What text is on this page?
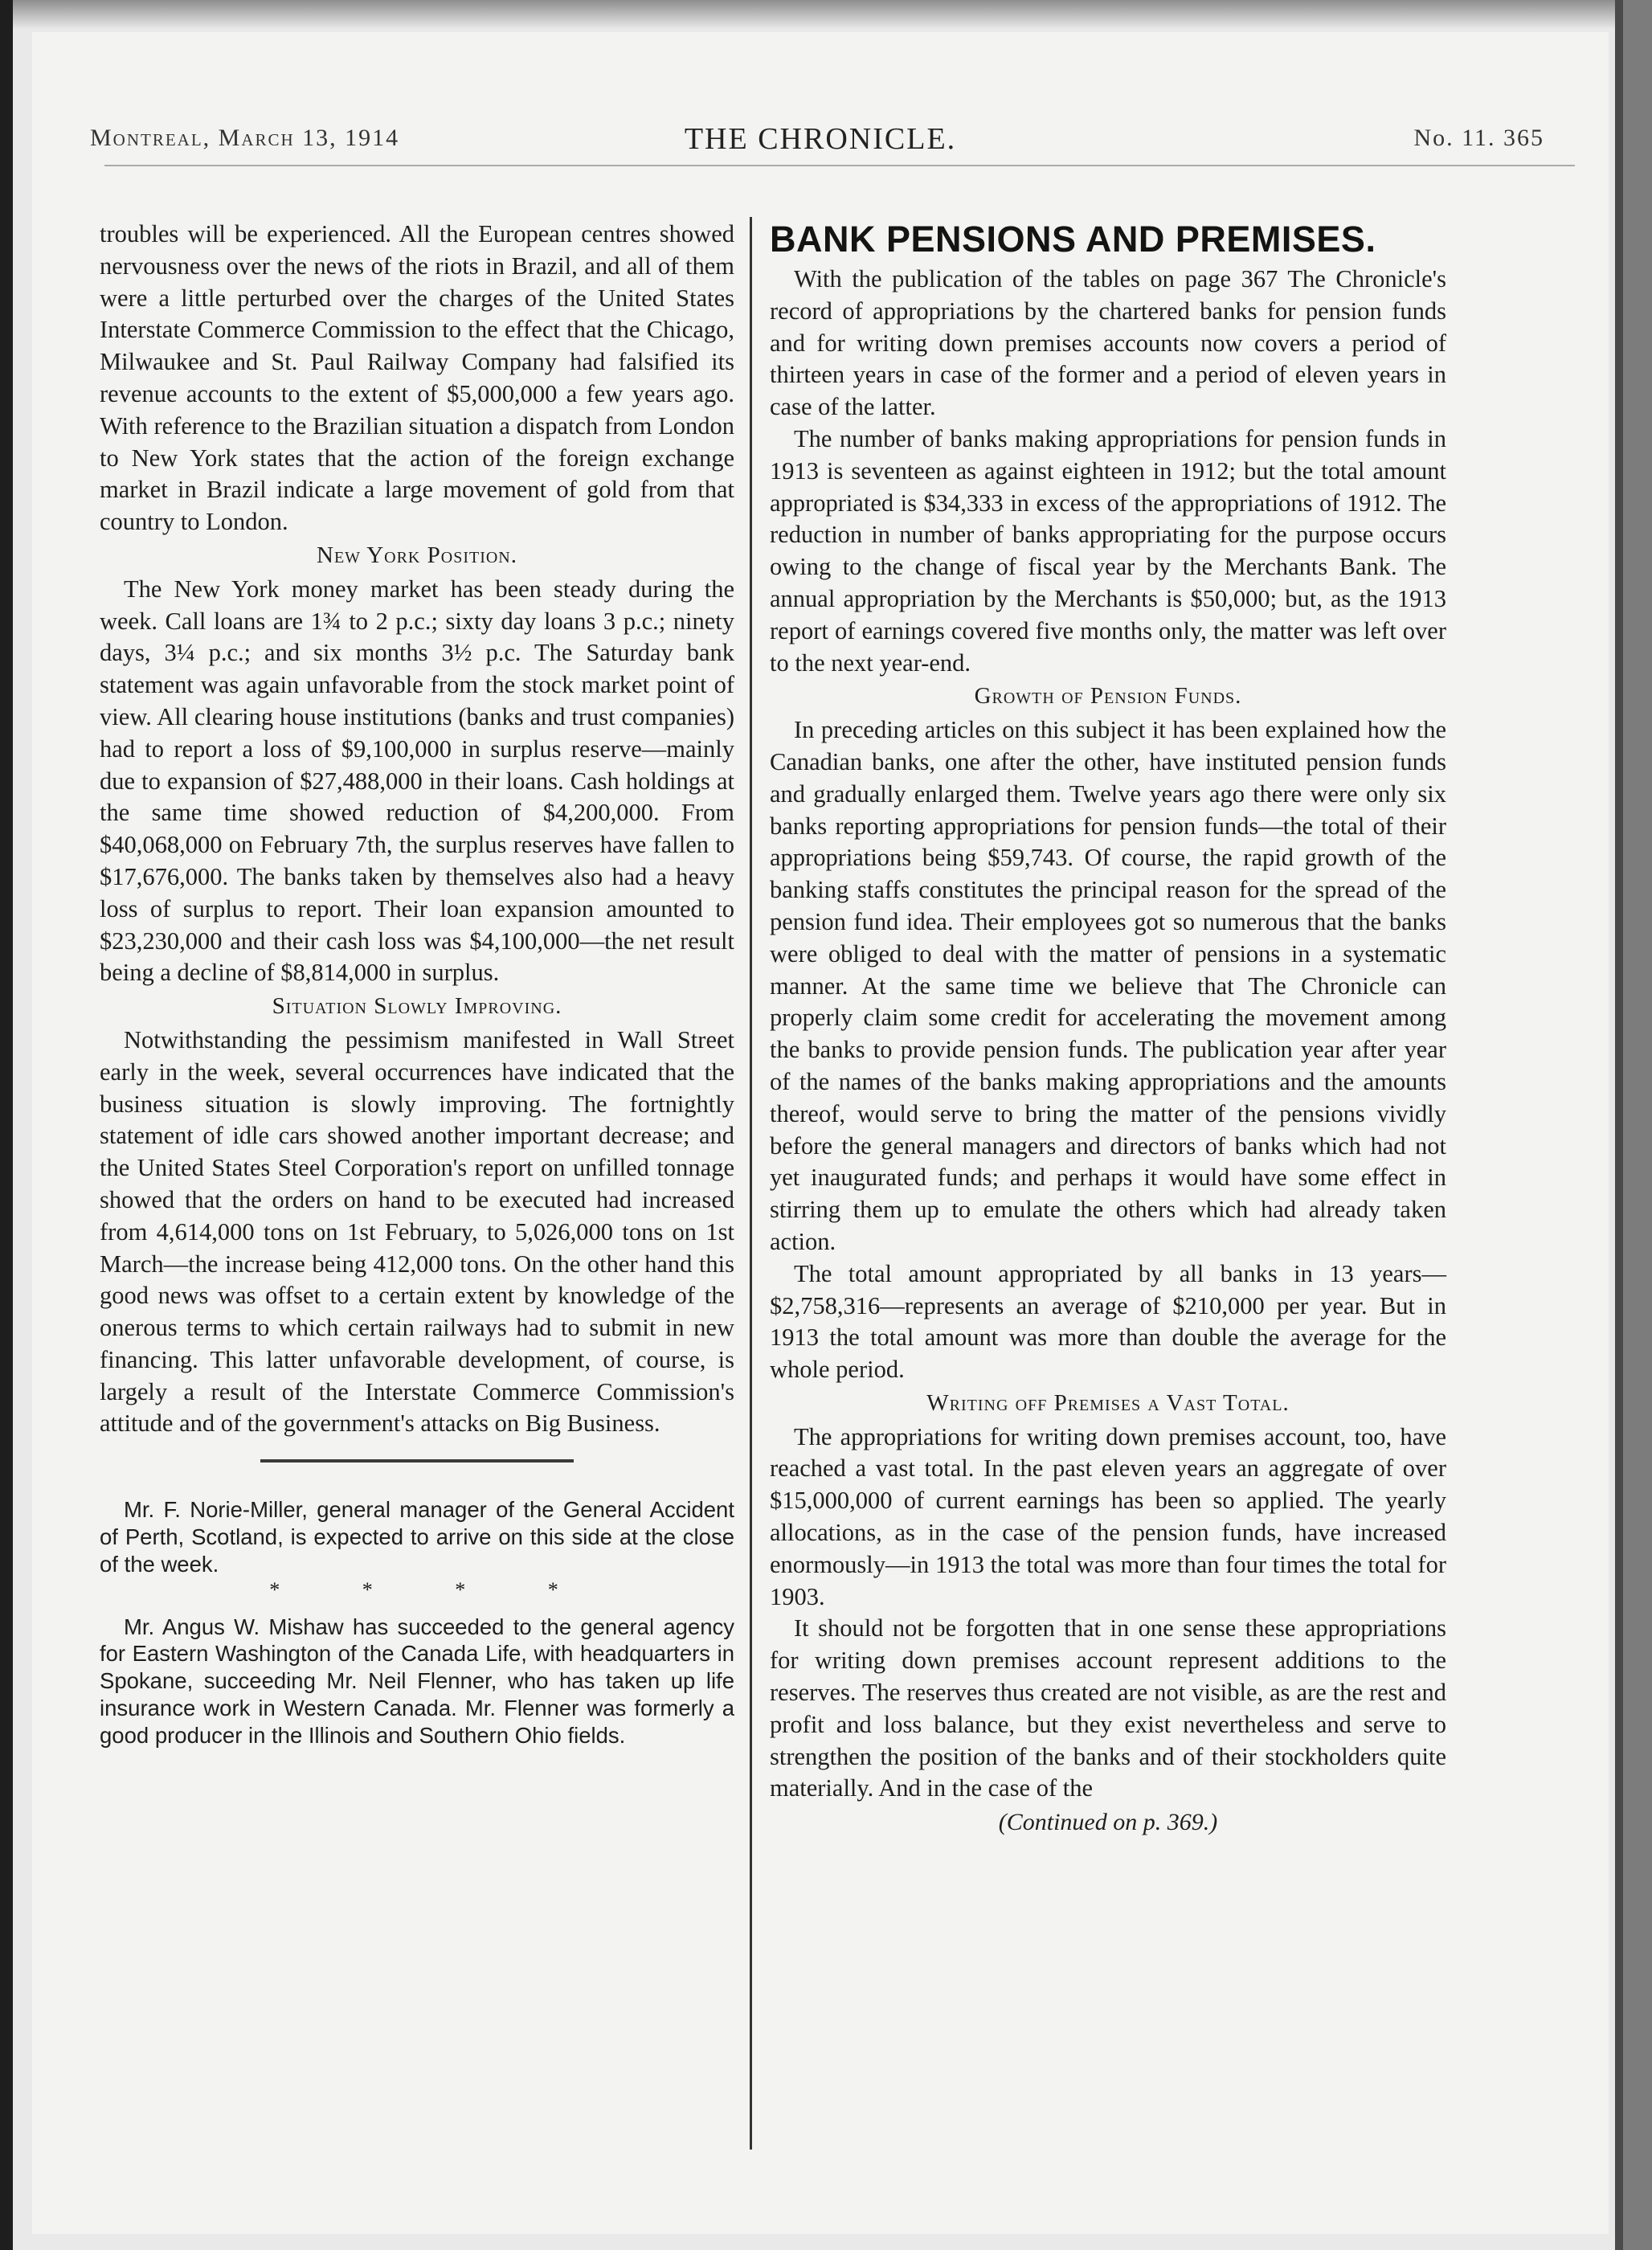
Montreal, March 13, 1914	THE CHRONICLE.	No. 11. 365

troubles will be experienced. All the European centres showed nervousness over the news of the riots in Brazil, and all of them were a little perturbed over the charges of the United States Interstate Commerce Commission to the effect that the Chicago, Milwaukee and St. Paul Railway Company had falsified its revenue accounts to the extent of $5,000,000 a few years ago. With reference to the Brazilian situation a dispatch from London to New York states that the action of the foreign exchange market in Brazil indicate a large movement of gold from that country to London.

New York Position.

The New York money market has been steady during the week. Call loans are 1¾ to 2 p.c.; sixty day loans 3 p.c.; ninety days, 3¼ p.c.; and six months 3½ p.c. The Saturday bank statement was again unfavorable from the stock market point of view. All clearing house institutions (banks and trust companies) had to report a loss of $9,100,000 in surplus reserve—mainly due to expansion of $27,488,000 in their loans. Cash holdings at the same time showed reduction of $4,200,000. From $40,068,000 on February 7th, the surplus reserves have fallen to $17,676,000. The banks taken by themselves also had a heavy loss of surplus to report. Their loan expansion amounted to $23,230,000 and their cash loss was $4,100,000—the net result being a decline of $8,814,000 in surplus.

Situation Slowly Improving.

Notwithstanding the pessimism manifested in Wall Street early in the week, several occurrences have indicated that the business situation is slowly improving. The fortnightly statement of idle cars showed another important decrease; and the United States Steel Corporation's report on unfilled tonnage showed that the orders on hand to be executed had increased from 4,614,000 tons on 1st February, to 5,026,000 tons on 1st March—the increase being 412,000 tons. On the other hand this good news was offset to a certain extent by knowledge of the onerous terms to which certain railways had to submit in new financing. This latter unfavorable development, of course, is largely a result of the Interstate Commerce Commission's attitude and of the government's attacks on Big Business.

Mr. F. Norie-Miller, general manager of the General Accident of Perth, Scotland, is expected to arrive on this side at the close of the week.

* * * *

Mr. Angus W. Mishaw has succeeded to the general agency for Eastern Washington of the Canada Life, with headquarters in Spokane, succeeding Mr. Neil Flenner, who has taken up life insurance work in Western Canada. Mr. Flenner was formerly a good producer in the Illinois and Southern Ohio fields.

BANK PENSIONS AND PREMISES.

With the publication of the tables on page 367 The Chronicle's record of appropriations by the chartered banks for pension funds and for writing down premises accounts now covers a period of thirteen years in case of the former and a period of eleven years in case of the latter.

The number of banks making appropriations for pension funds in 1913 is seventeen as against eighteen in 1912; but the total amount appropriated is $34,333 in excess of the appropriations of 1912. The reduction in number of banks appropriating for the purpose occurs owing to the change of fiscal year by the Merchants Bank. The annual appropriation by the Merchants is $50,000; but, as the 1913 report of earnings covered five months only, the matter was left over to the next year-end.

Growth of Pension Funds.

In preceding articles on this subject it has been explained how the Canadian banks, one after the other, have instituted pension funds and gradually enlarged them. Twelve years ago there were only six banks reporting appropriations for pension funds—the total of their appropriations being $59,743. Of course, the rapid growth of the banking staffs constitutes the principal reason for the spread of the pension fund idea. Their employees got so numerous that the banks were obliged to deal with the matter of pensions in a systematic manner. At the same time we believe that The Chronicle can properly claim some credit for accelerating the movement among the banks to provide pension funds. The publication year after year of the names of the banks making appropriations and the amounts thereof, would serve to bring the matter of the pensions vividly before the general managers and directors of banks which had not yet inaugurated funds; and perhaps it would have some effect in stirring them up to emulate the others which had already taken action.

The total amount appropriated by all banks in 13 years—$2,758,316—represents an average of $210,000 per year. But in 1913 the total amount was more than double the average for the whole period.

Writing off Premises a Vast Total.

The appropriations for writing down premises account, too, have reached a vast total. In the past eleven years an aggregate of over $15,000,000 of current earnings has been so applied. The yearly allocations, as in the case of the pension funds, have increased enormously—in 1913 the total was more than four times the total for 1903.

It should not be forgotten that in one sense these appropriations for writing down premises account represent additions to the reserves. The reserves thus created are not visible, as are the rest and profit and loss balance, but they exist nevertheless and serve to strengthen the position of the banks and of their stockholders quite materially. And in the case of the

(Continued on p. 369.)
